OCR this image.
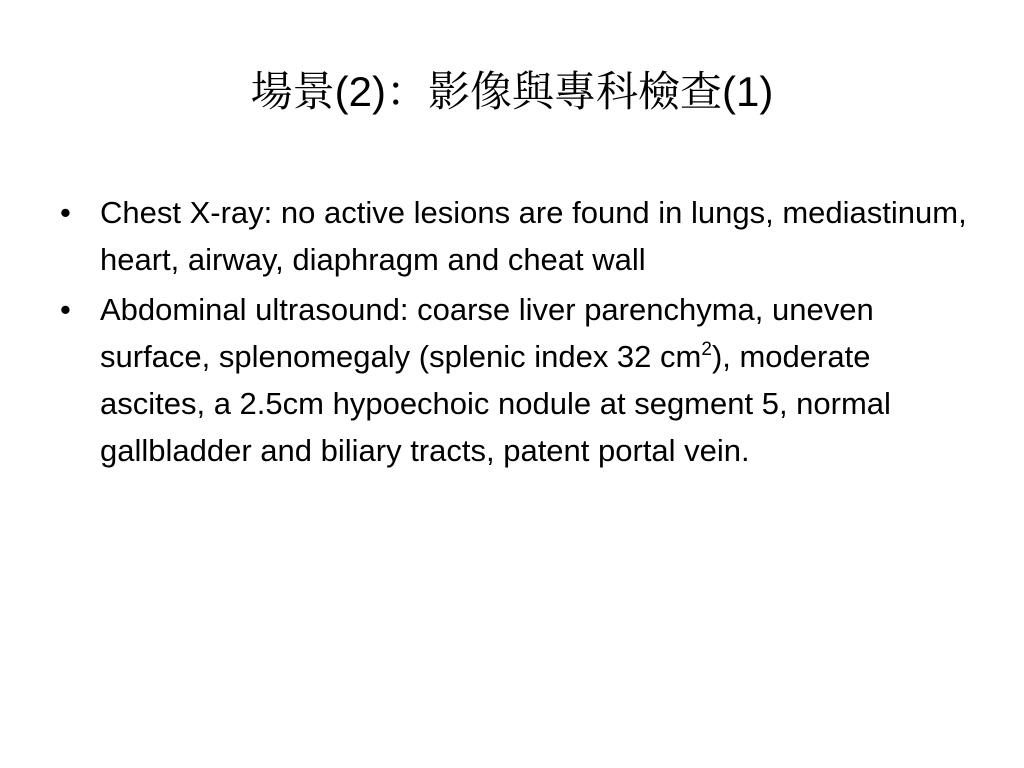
場景(2)：影像與專科檢查(1)
• Chest X-ray: no active lesions are found in lungs, mediastinum, heart, airway, diaphragm and cheat wall
• Abdominal ultrasound: coarse liver parenchyma, uneven surface, splenomegaly (splenic index 32 $cm^2$), moderate ascites, a 2.5cm hypoechoic nodule at segment 5, normal gallbladder and biliary tracts, patent portal vein.
